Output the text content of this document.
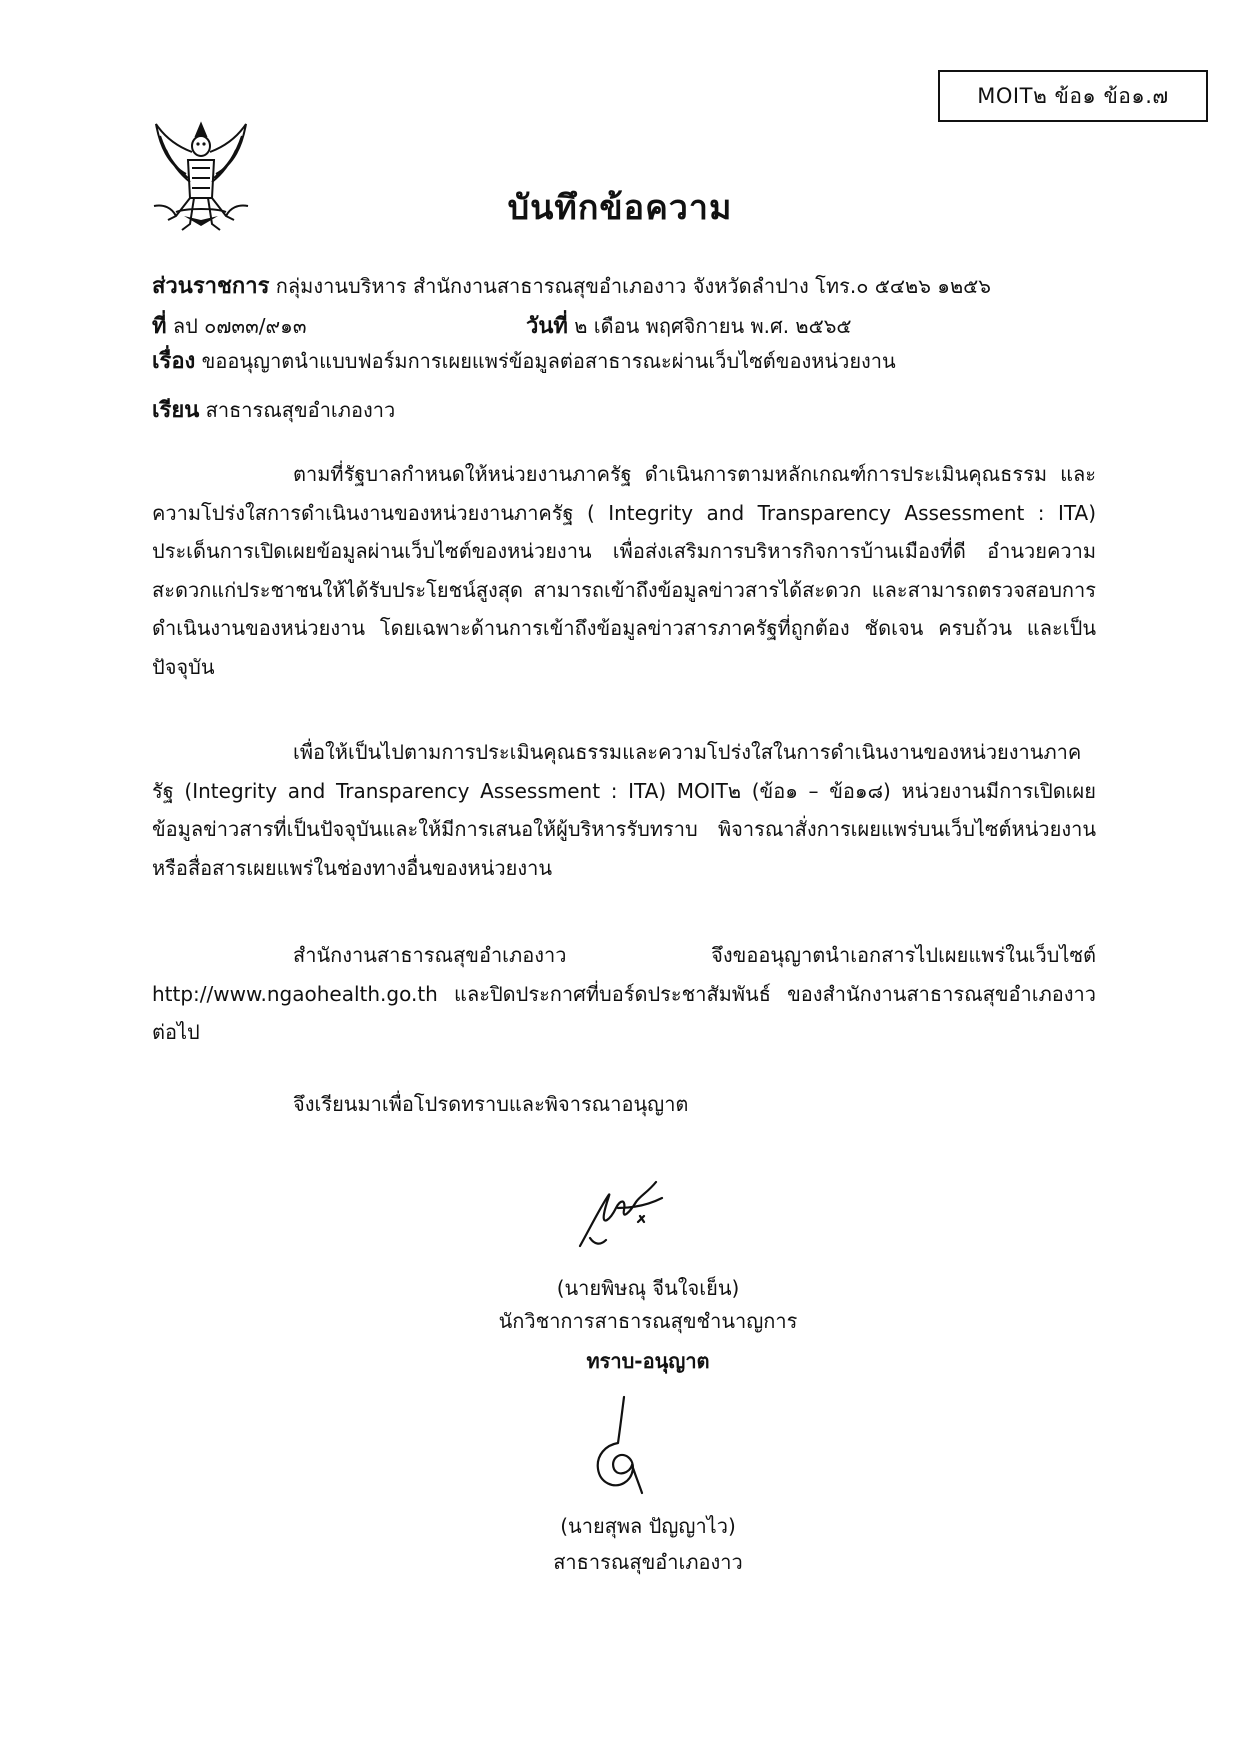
MOIT๒ ข้อ๑ ข้อ๑.๗
บันทึกข้อความ
ส่วนราชการ กลุ่มงานบริหาร สำนักงานสาธารณสุขอำเภองาว จังหวัดลำปาง โทร.๐ ๕๔๒๖ ๑๒๕๖
ที่ ลป ๐๗๓๓/๙๑๓	วันที่ ๒ เดือน พฤศจิกายน พ.ศ. ๒๕๖๕
เรื่อง ขออนุญาตนำแบบฟอร์มการเผยแพร่ข้อมูลต่อสาธารณะผ่านเว็บไซต์ของหน่วยงาน
เรียน สาธารณสุขอำเภองาว
ตามที่รัฐบาลกำหนดให้หน่วยงานภาครัฐ ดำเนินการตามหลักเกณฑ์การประเมินคุณธรรม และความโปร่งใสการดำเนินงานของหน่วยงานภาครัฐ ( Integrity and Transparency Assessment : ITA) ประเด็นการเปิดเผยข้อมูลผ่านเว็บไซต์ของหน่วยงาน เพื่อส่งเสริมการบริหารกิจการบ้านเมืองที่ดี อำนวยความสะดวกแก่ประชาชนให้ได้รับประโยชน์สูงสุด สามารถเข้าถึงข้อมูลข่าวสารได้สะดวก และสามารถตรวจสอบการดำเนินงานของหน่วยงาน โดยเฉพาะด้านการเข้าถึงข้อมูลข่าวสารภาครัฐที่ถูกต้อง ชัดเจน ครบถ้วน และเป็นปัจจุบัน
เพื่อให้เป็นไปตามการประเมินคุณธรรมและความโปร่งใสในการดำเนินงานของหน่วยงานภาครัฐ (Integrity and Transparency Assessment : ITA) MOIT๒ (ข้อ๑ – ข้อ๑๘) หน่วยงานมีการเปิดเผยข้อมูลข่าวสารที่เป็นปัจจุบันและให้มีการเสนอให้ผู้บริหารรับทราบ พิจารณาสั่งการเผยแพร่บนเว็บไซต์หน่วยงานหรือสื่อสารเผยแพร่ในช่องทางอื่นของหน่วยงาน
สำนักงานสาธารณสุขอำเภองาว จึงขออนุญาตนำเอกสารไปเผยแพร่ในเว็บไซต์ http://www.ngaohealth.go.th และปิดประกาศที่บอร์ดประชาสัมพันธ์ ของสำนักงานสาธารณสุขอำเภองาว ต่อไป
จึงเรียนมาเพื่อโปรดทราบและพิจารณาอนุญาต
(นายพิษณุ จีนใจเย็น)
นักวิชาการสาธารณสุขชำนาญการ
ทราบ-อนุญาต
(นายสุพล ปัญญาไว)
สาธารณสุขอำเภองาว
